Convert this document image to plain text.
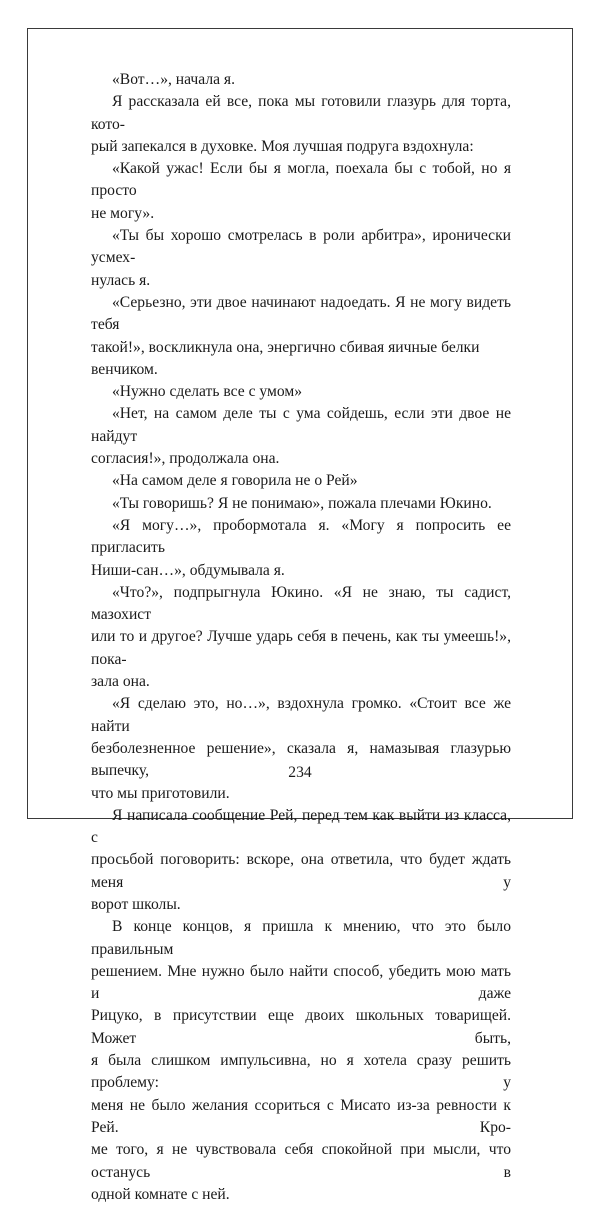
«Вот…», начала я.

Я рассказала ей все, пока мы готовили глазурь для торта, кото-
рый запекался в духовке. Моя лучшая подруга вздохнула:

«Какой ужас! Если бы я могла, поехала бы с тобой, но я просто
не могу».

«Ты бы хорошо смотрелась в роли арбитра», иронически усмех-
нулась я.

«Серьезно, эти двое начинают надоедать. Я не могу видеть тебя
такой!», воскликнула она, энергично сбивая яичные белки венчиком.

«Нужно сделать все с умом»

«Нет, на самом деле ты с ума сойдешь, если эти двое не найдут
согласия!», продолжала она.

«На самом деле я говорила не о Рей»

«Ты говоришь? Я не понимаю», пожала плечами Юкино.

«Я могу…», пробормотала я. «Могу я попросить ее пригласить
Ниши-сан…», обдумывала я.

«Что?», подпрыгнула Юкино. «Я не знаю, ты садист, мазохист
или то и другое? Лучше ударь себя в печень, как ты умеешь!», пока-
зала она.

«Я сделаю это, но…», вздохнула громко. «Стоит все же найти
безболезненное решение», сказала я, намазывая глазурью выпечку,
что мы приготовили.

Я написала сообщение Рей, перед тем как выйти из класса, с
просьбой поговорить: вскоре, она ответила, что будет ждать меня у
ворот школы.

В конце концов, я пришла к мнению, что это было правильным
решением. Мне нужно было найти способ, убедить мою мать и даже
Рицуко, в присутствии еще двоих школьных товарищей. Может быть,
я была слишком импульсивна, но я хотела сразу решить проблему: у
меня не было желания ссориться с Мисато из-за ревности к Рей. Кро-
ме того, я не чувствовала себя спокойной при мысли, что останусь в
одной комнате с ней.

234
